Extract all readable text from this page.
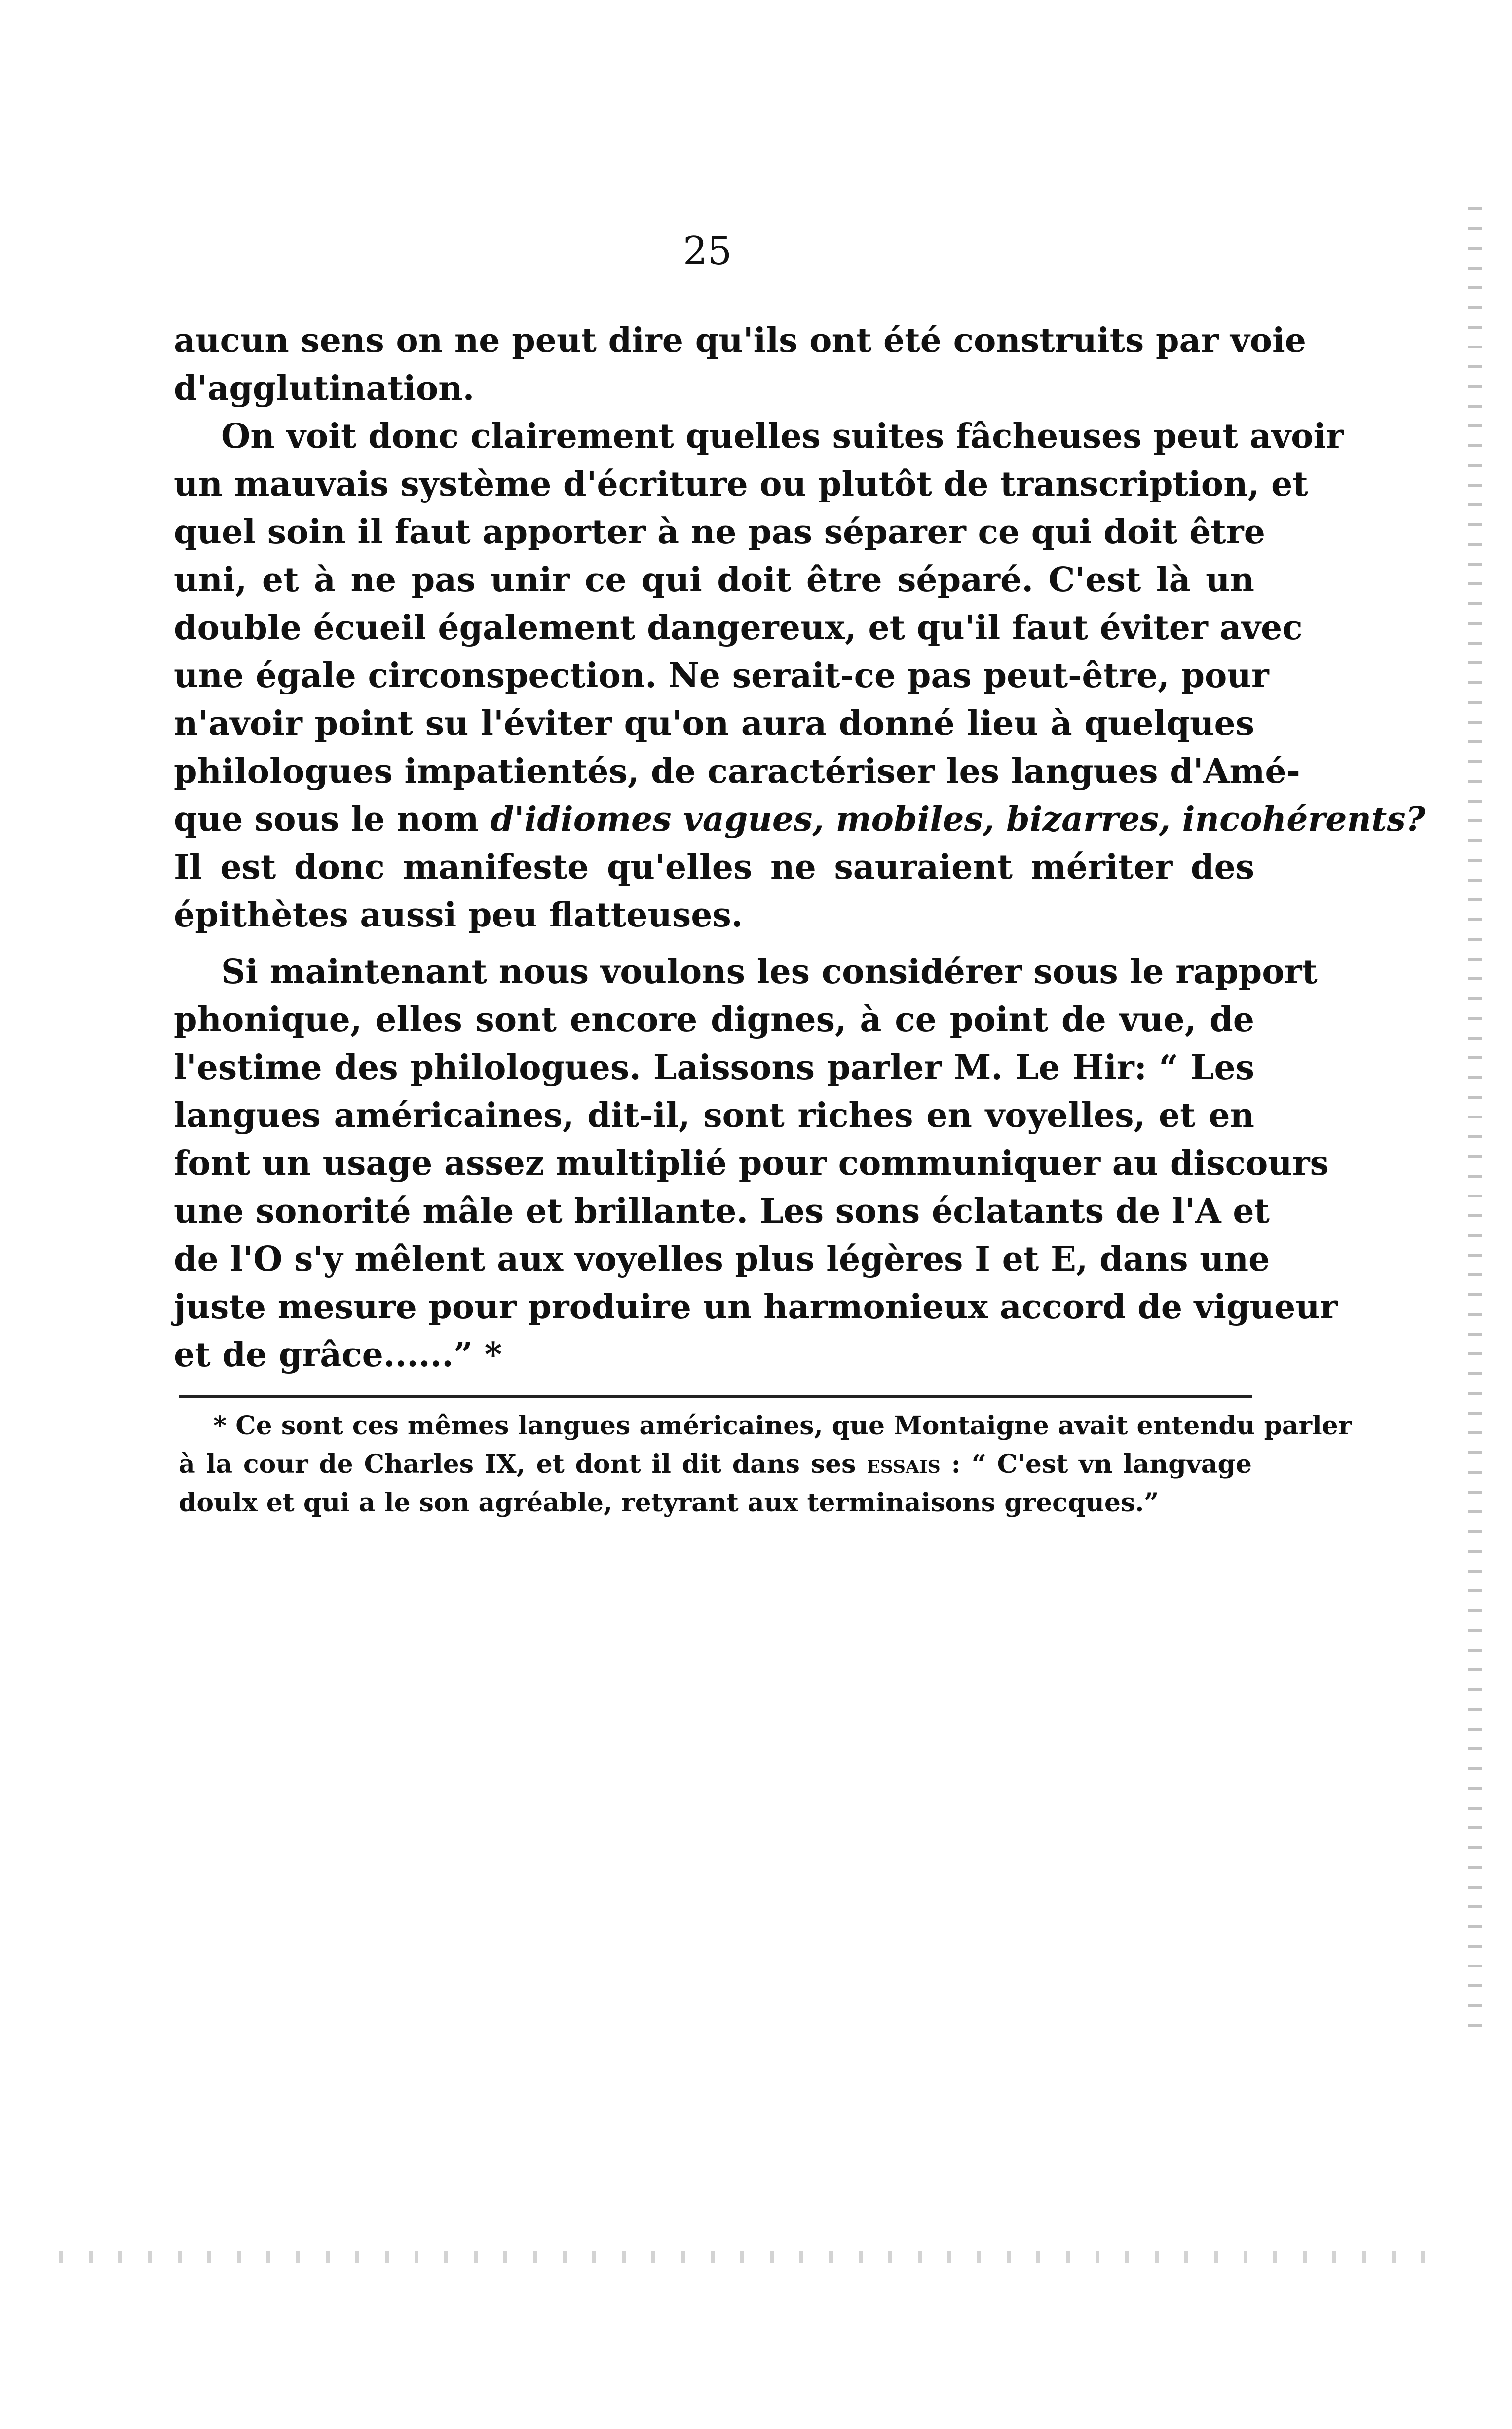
25
aucun sens on ne peut dire qu'ils ont été construits par voie
d'agglutination.
On voit donc clairement quelles suites fâcheuses peut avoir
un mauvais système d'écriture ou plutôt de transcription, et
quel soin il faut apporter à ne pas séparer ce qui doit être
uni, et à ne pas unir ce qui doit être séparé. C'est là un
double écueil également dangereux, et qu'il faut éviter avec
une égale circonspection. Ne serait-ce pas peut-être, pour
n'avoir point su l'éviter qu'on aura donné lieu à quelques
philologues impatientés, de caractériser les langues d'Amé-
que sous le nom d'idiomes vagues, mobiles, bizarres, incohérents?
Il est donc manifeste qu'elles ne sauraient mériter des
épithètes aussi peu flatteuses.
Si maintenant nous voulons les considérer sous le rapport
phonique, elles sont encore dignes, à ce point de vue, de
l'estime des philologues. Laissons parler M. Le Hir: “ Les
langues américaines, dit-il, sont riches en voyelles, et en
font un usage assez multiplié pour communiquer au discours
une sonorité mâle et brillante. Les sons éclatants de l'A et
de l'O s'y mêlent aux voyelles plus légères I et E, dans une
juste mesure pour produire un harmonieux accord de vigueur
et de grâce......” *
* Ce sont ces mêmes langues américaines, que Montaigne avait entendu parler
à la cour de Charles IX, et dont il dit dans ses essais : “ C'est vn langvage
doulx et qui a le son agréable, retyrant aux terminaisons grecques.”
